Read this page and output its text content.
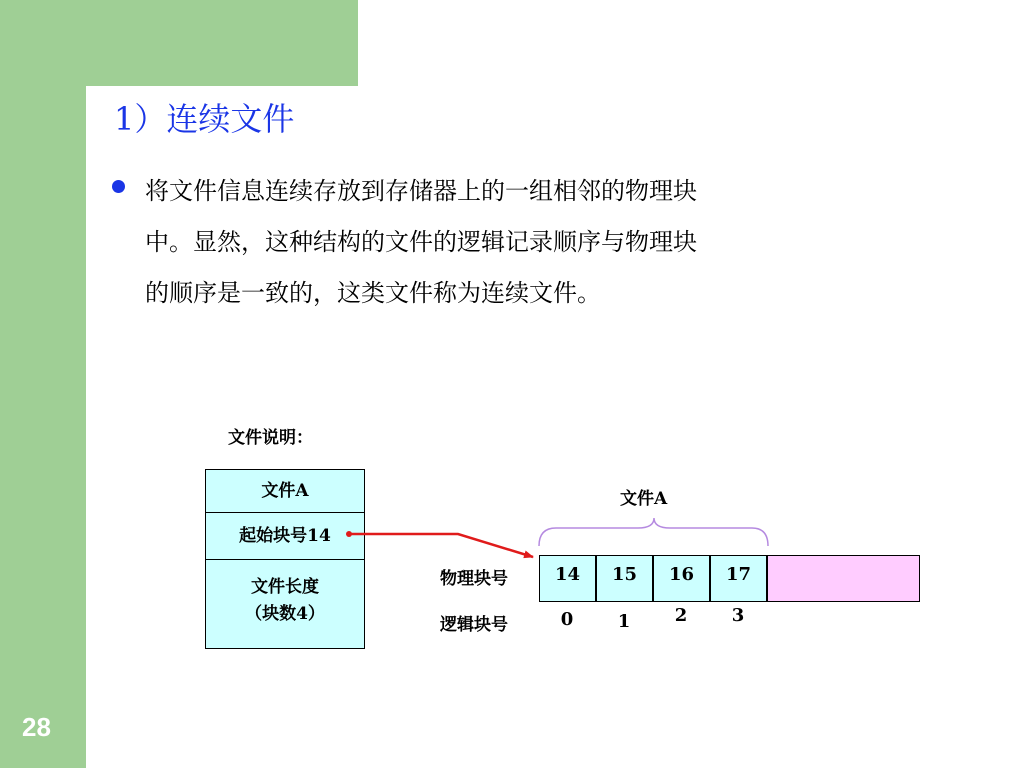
28
1）连续文件
将文件信息连续存放到存储器上的一组相邻的物理块
中。显然，这种结构的文件的逻辑记录顺序与物理块
的顺序是一致的，这类文件称为连续文件。
文件说明：
文件A
起始块号14
文件长度
（块数4）
文件A
物理块号
逻辑块号
14	15	16	17
0 1 2 3
